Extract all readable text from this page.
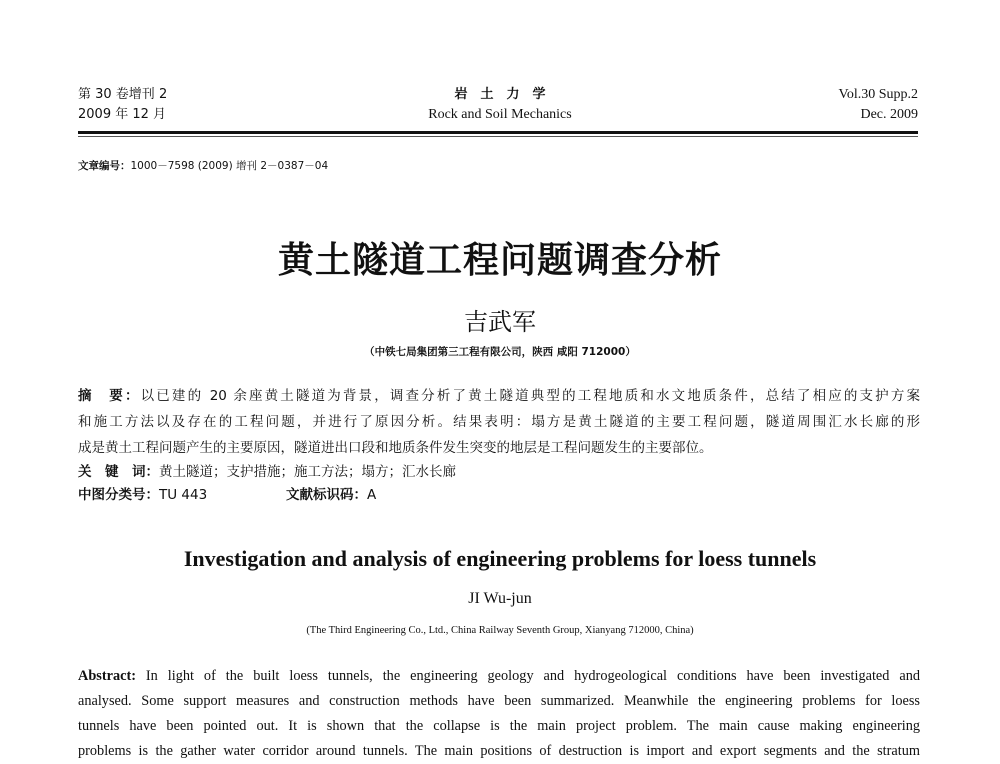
第 30 卷增刊 2
2009 年 12 月
岩　土　力　学
Rock and Soil Mechanics
Vol.30 Supp.2
Dec. 2009
文章编号：1000－7598 (2009) 增刊 2－0387－04
黄土隧道工程问题调查分析
吉武军
（中铁七局集团第三工程有限公司，陕西 咸阳 712000）
摘　要：以已建的 20 余座黄土隧道为背景，调查分析了黄土隧道典型的工程地质和水文地质条件，总结了相应的支护方案
和施工方法以及存在的工程问题，并进行了原因分析。结果表明：塌方是黄土隧道的主要工程问题，隧道周围汇水长廊的形
成是黄土工程问题产生的主要原因，隧道进出口段和地质条件发生突变的地层是工程问题发生的主要部位。
关　键　词：黄土隧道；支护措施；施工方法；塌方；汇水长廊
中图分类号：TU 443	文献标识码：A
Investigation and analysis of engineering problems for loess tunnels
JI Wu-jun
(The Third Engineering Co., Ltd., China Railway Seventh Group, Xianyang 712000, China)
Abstract: In light of the built loess tunnels, the engineering geology and hydrogeological conditions have been investigated and
analysed. Some support measures and construction methods have been summarized. Meanwhile the engineering problems for loess
tunnels have been pointed out. It is shown that the collapse is the main project problem. The main cause making engineering
problems is the gather water corridor around tunnels. The main positions of destruction is import and export segments and the stratum
